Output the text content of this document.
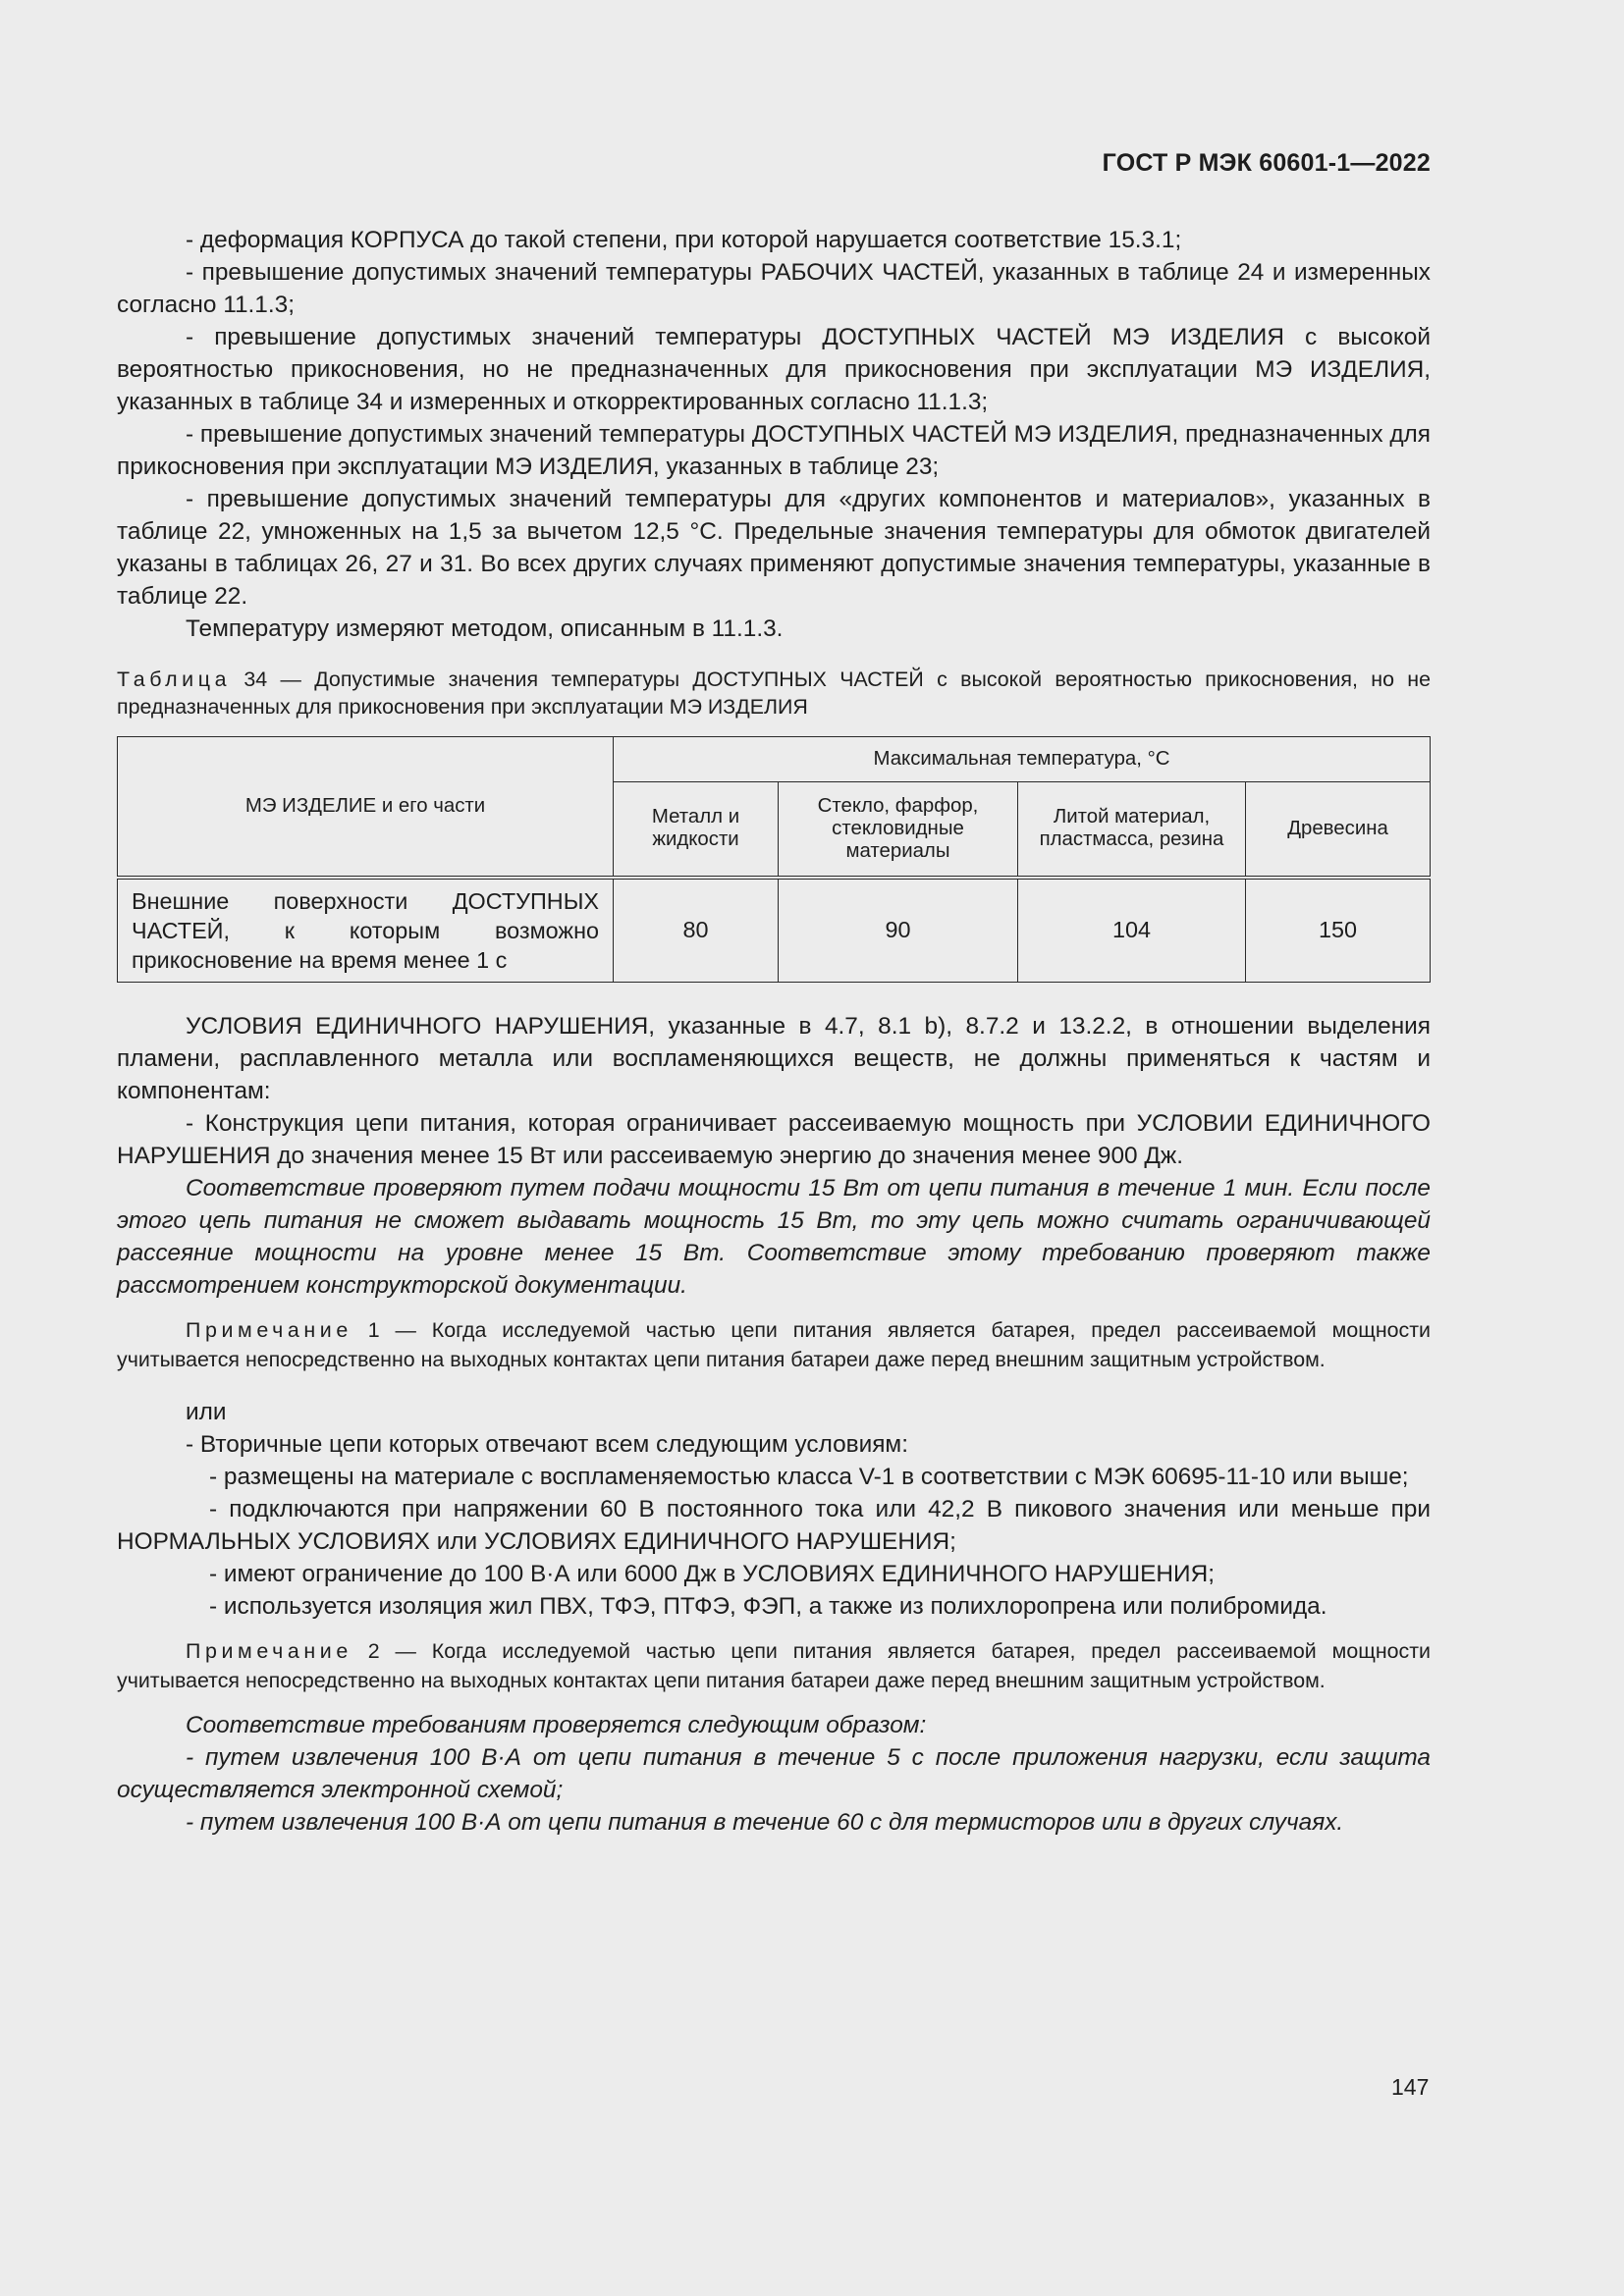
ГОСТ Р МЭК 60601-1—2022

- деформация КОРПУСА до такой степени, при которой нарушается соответствие 15.3.1;

- превышение допустимых значений температуры РАБОЧИХ ЧАСТЕЙ, указанных в таблице 24 и измеренных согласно 11.1.3;

- превышение допустимых значений температуры ДОСТУПНЫХ ЧАСТЕЙ МЭ ИЗДЕЛИЯ с высокой вероятностью прикосновения, но не предназначенных для прикосновения при эксплуатации МЭ ИЗДЕЛИЯ, указанных в таблице 34 и измеренных и откорректированных согласно 11.1.3;

- превышение допустимых значений температуры ДОСТУПНЫХ ЧАСТЕЙ МЭ ИЗДЕЛИЯ, предназначенных для прикосновения при эксплуатации МЭ ИЗДЕЛИЯ, указанных в таблице 23;

- превышение допустимых значений температуры для «других компонентов и материалов», указанных в таблице 22, умноженных на 1,5 за вычетом 12,5 °С. Предельные значения температуры для обмоток двигателей указаны в таблицах 26, 27 и 31. Во всех других случаях применяют допустимые значения температуры, указанные в таблице 22.

Температуру измеряют методом, описанным в 11.1.3.

Таблица 34 — Допустимые значения температуры ДОСТУПНЫХ ЧАСТЕЙ с высокой вероятностью прикосновения, но не предназначенных для прикосновения при эксплуатации МЭ ИЗДЕЛИЯ

МЭ ИЗДЕЛИЕ и его части	Максимальная температура, °С			
	Металл и жидкости	Стекло, фарфор, стекловидные материалы	Литой материал, пластмасса, резина	Древесина
Внешние поверхности ДОСТУПНЫХ ЧАСТЕЙ, к которым возможно прикосновение на время менее 1 с	80	90	104	150

УСЛОВИЯ ЕДИНИЧНОГО НАРУШЕНИЯ, указанные в 4.7, 8.1 b), 8.7.2 и 13.2.2, в отношении выделения пламени, расплавленного металла или воспламеняющихся веществ, не должны применяться к частям и компонентам:

- Конструкция цепи питания, которая ограничивает рассеиваемую мощность при УСЛОВИИ ЕДИНИЧНОГО НАРУШЕНИЯ до значения менее 15 Вт или рассеиваемую энергию до значения менее 900 Дж.

Соответствие проверяют путем подачи мощности 15 Вт от цепи питания в течение 1 мин. Если после этого цепь питания не сможет выдавать мощность 15 Вт, то эту цепь можно считать ограничивающей рассеяние мощности на уровне менее 15 Вт. Соответствие этому требованию проверяют также рассмотрением конструкторской документации.

Примечание 1 — Когда исследуемой частью цепи питания является батарея, предел рассеиваемой мощности учитывается непосредственно на выходных контактах цепи питания батареи даже перед внешним защитным устройством.

или

- Вторичные цепи которых отвечают всем следующим условиям:

- размещены на материале с воспламеняемостью класса V-1 в соответствии с МЭК 60695-11-10 или выше;

- подключаются при напряжении 60 В постоянного тока или 42,2 В пикового значения или меньше при НОРМАЛЬНЫХ УСЛОВИЯХ или УСЛОВИЯХ ЕДИНИЧНОГО НАРУШЕНИЯ;

- имеют ограничение до 100 В·А или 6000 Дж в УСЛОВИЯХ ЕДИНИЧНОГО НАРУШЕНИЯ;

- используется изоляция жил ПВХ, ТФЭ, ПТФЭ, ФЭП, а также из полихлоропрена или полибромида.

Примечание 2 — Когда исследуемой частью цепи питания является батарея, предел рассеиваемой мощности учитывается непосредственно на выходных контактах цепи питания батареи даже перед внешним защитным устройством.

Соответствие требованиям проверяется следующим образом:

- путем извлечения 100 В·А от цепи питания в течение 5 с после приложения нагрузки, если защита осуществляется электронной схемой;

- путем извлечения 100 В·А от цепи питания в течение 60 с для термисторов или в других случаях.

147
